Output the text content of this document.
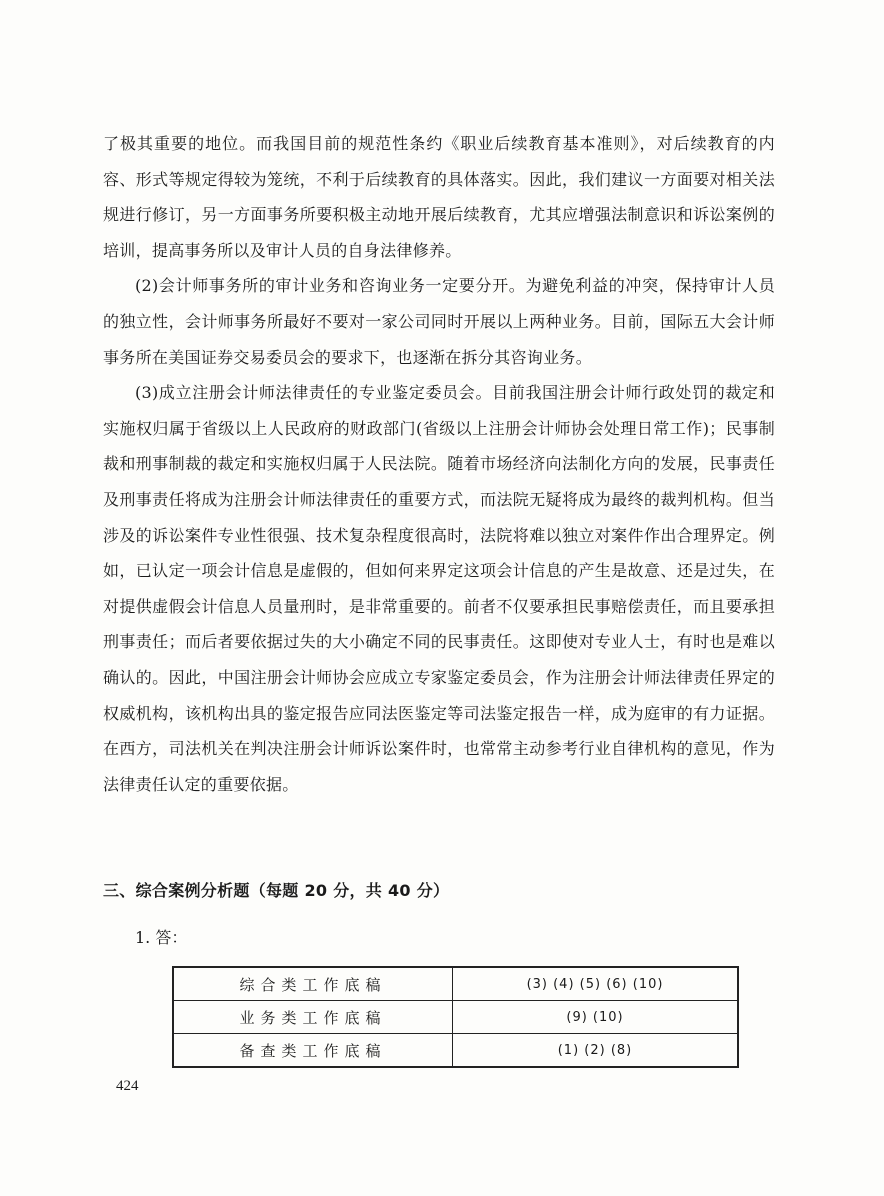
了极其重要的地位。而我国目前的规范性条约《职业后续教育基本准则》，对后续教育的内容、形式等规定得较为笼统，不利于后续教育的具体落实。因此，我们建议一方面要对相关法规进行修订，另一方面事务所要积极主动地开展后续教育，尤其应增强法制意识和诉讼案例的培训，提高事务所以及审计人员的自身法律修养。

(2)会计师事务所的审计业务和咨询业务一定要分开。为避免利益的冲突，保持审计人员的独立性，会计师事务所最好不要对一家公司同时开展以上两种业务。目前，国际五大会计师事务所在美国证券交易委员会的要求下，也逐渐在拆分其咨询业务。

(3)成立注册会计师法律责任的专业鉴定委员会。目前我国注册会计师行政处罚的裁定和实施权归属于省级以上人民政府的财政部门(省级以上注册会计师协会处理日常工作)；民事制裁和刑事制裁的裁定和实施权归属于人民法院。随着市场经济向法制化方向的发展，民事责任及刑事责任将成为注册会计师法律责任的重要方式，而法院无疑将成为最终的裁判机构。但当涉及的诉讼案件专业性很强、技术复杂程度很高时，法院将难以独立对案件作出合理界定。例如，已认定一项会计信息是虚假的，但如何来界定这项会计信息的产生是故意、还是过失，在对提供虚假会计信息人员量刑时，是非常重要的。前者不仅要承担民事赔偿责任，而且要承担刑事责任；而后者要依据过失的大小确定不同的民事责任。这即使对专业人士，有时也是难以确认的。因此，中国注册会计师协会应成立专家鉴定委员会，作为注册会计师法律责任界定的权威机构，该机构出具的鉴定报告应同法医鉴定等司法鉴定报告一样，成为庭审的有力证据。在西方，司法机关在判决注册会计师诉讼案件时，也常常主动参考行业自律机构的意见，作为法律责任认定的重要依据。

三、综合案例分析题（每题 20 分，共 40 分）
1. 答：
综合类工作底稿	(3) (4) (5) (6) (10)
业务类工作底稿	(9) (10)
备查类工作底稿	(1) (2) (8)
424
